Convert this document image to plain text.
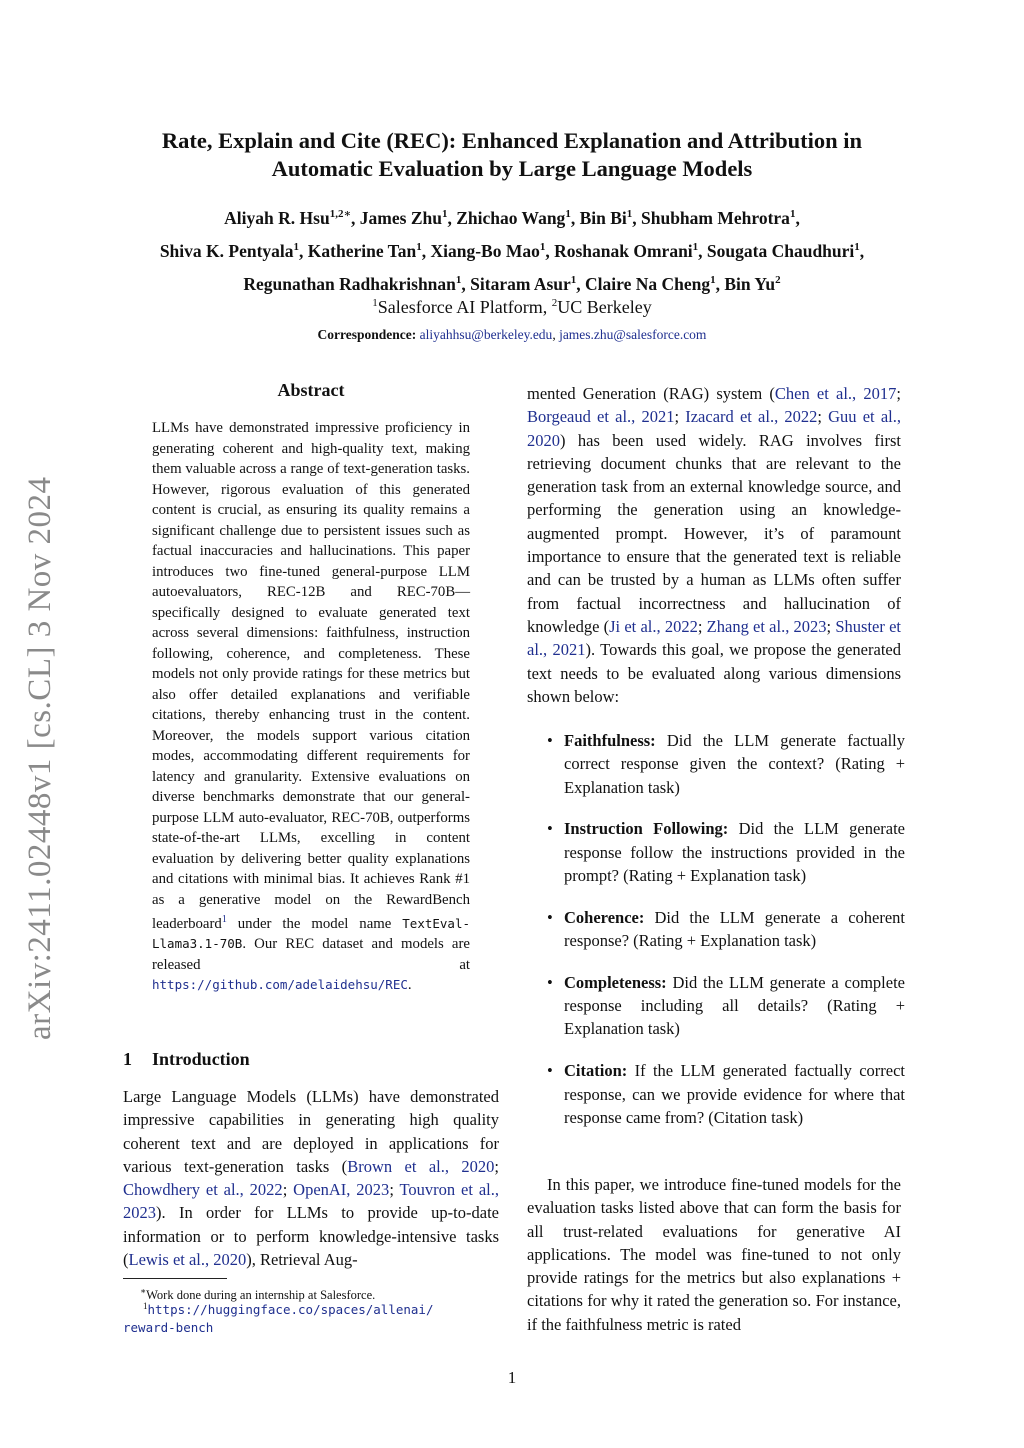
arXiv:2411.02448v1 [cs.CL] 3 Nov 2024
Rate, Explain and Cite (REC): Enhanced Explanation and Attribution in
Automatic Evaluation by Large Language Models
Aliyah R. Hsu$^{1,2∗}$, James Zhu$^1$, Zhichao Wang$^1$, Bin Bi$^1$, Shubham Mehrotra$^1$,
Shiva K. Pentyala$^1$, Katherine Tan$^1$, Xiang-Bo Mao$^1$, Roshanak Omrani$^1$, Sougata Chaudhuri$^1$,
Regunathan Radhakrishnan$^1$, Sitaram Asur$^1$, Claire Na Cheng$^1$, Bin Yu$^2$
$^1$Salesforce AI Platform, $^2$UC Berkeley
Correspondence: aliyahhsu@berkeley.edu, james.zhu@salesforce.com
Abstract
LLMs have demonstrated impressive proficiency in generating coherent and high-quality text, making them valuable across a range of text-generation tasks. However, rigorous evaluation of this generated content is crucial, as ensuring its quality remains a significant challenge due to persistent issues such as factual inaccuracies and hallucinations. This paper introduces two fine-tuned general-purpose LLM autoevaluators, REC-12B and REC-70B—specifically designed to evaluate generated text across several dimensions: faithfulness, instruction following, coherence, and completeness. These models not only provide ratings for these metrics but also offer detailed explanations and verifiable citations, thereby enhancing trust in the content. Moreover, the models support various citation modes, accommodating different requirements for latency and granularity. Extensive evaluations on diverse benchmarks demonstrate that our general-purpose LLM auto-evaluator, REC-70B, outperforms state-of-the-art LLMs, excelling in content evaluation by delivering better quality explanations and citations with minimal bias. It achieves Rank #1 as a generative model on the RewardBench leaderboard$^1$ under the model name TextEval-Llama3.1-70B. Our REC dataset and models are released at https://github.com/adelaidehsu/REC.
1 Introduction
Large Language Models (LLMs) have demonstrated impressive capabilities in generating high quality coherent text and are deployed in applications for various text-generation tasks (Brown et al., 2020; Chowdhery et al., 2022; OpenAI, 2023; Touvron et al., 2023). In order for LLMs to provide up-to-date information or to perform knowledge-intensive tasks (Lewis et al., 2020), Retrieval Aug-
∗Work done during an internship at Salesforce.
$^1$https://huggingface.co/spaces/allenai/
reward-bench
mented Generation (RAG) system (Chen et al., 2017; Borgeaud et al., 2021; Izacard et al., 2022; Guu et al., 2020) has been used widely. RAG involves first retrieving document chunks that are relevant to the generation task from an external knowledge source, and performing the generation using an knowledge-augmented prompt. However, it’s of paramount importance to ensure that the generated text is reliable and can be trusted by a human as LLMs often suffer from factual incorrectness and hallucination of knowledge (Ji et al., 2022; Zhang et al., 2023; Shuster et al., 2021). Towards this goal, we propose the generated text needs to be evaluated along various dimensions shown below:
• Faithfulness: Did the LLM generate factually correct response given the context? (Rating + Explanation task)
• Instruction Following: Did the LLM generate response follow the instructions provided in the prompt? (Rating + Explanation task)
• Coherence: Did the LLM generate a coherent response? (Rating + Explanation task)
• Completeness: Did the LLM generate a complete response including all details? (Rating + Explanation task)
• Citation: If the LLM generated factually correct response, can we provide evidence for where that response came from? (Citation task)
In this paper, we introduce fine-tuned models for the evaluation tasks listed above that can form the basis for all trust-related evaluations for generative AI applications. The model was fine-tuned to not only provide ratings for the metrics but also explanations + citations for why it rated the generation so. For instance, if the faithfulness metric is rated
1
